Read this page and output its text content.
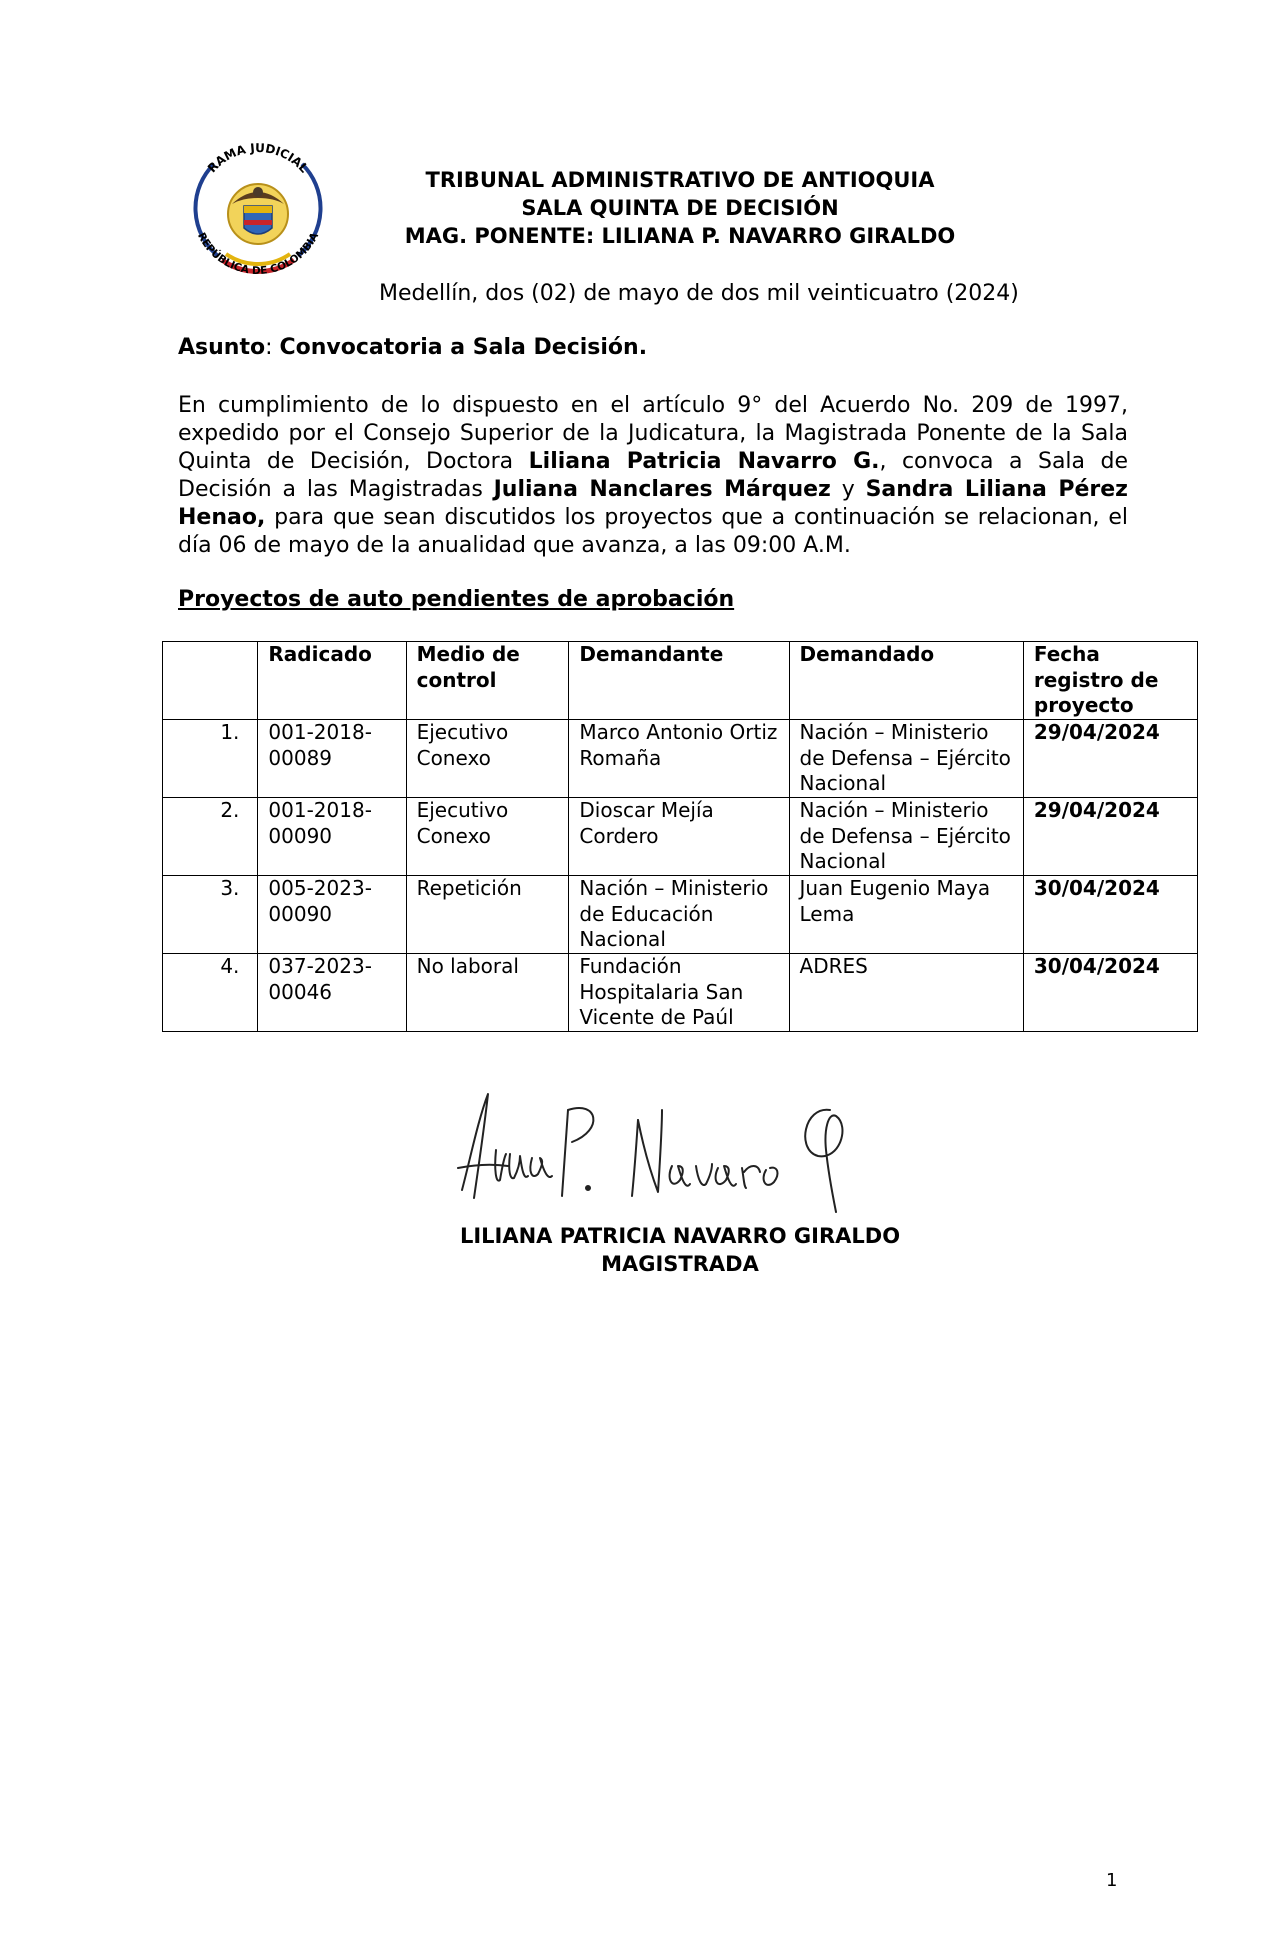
RAMA JUDICIAL
REPÚBLICA DE COLOMBIA
TRIBUNAL ADMINISTRATIVO DE ANTIOQUIA
SALA QUINTA DE DECISIÓN
MAG. PONENTE: LILIANA P. NAVARRO GIRALDO
Medellín, dos (02) de mayo de dos mil veinticuatro (2024)
Asunto: Convocatoria a Sala Decisión.
En cumplimiento de lo dispuesto en el artículo 9° del Acuerdo No. 209 de 1997, expedido por el Consejo Superior de la Judicatura, la Magistrada Ponente de la Sala Quinta de Decisión, Doctora Liliana Patricia Navarro G., convoca a Sala de Decisión a las Magistradas Juliana Nanclares Márquez y Sandra Liliana Pérez Henao, para que sean discutidos los proyectos que a continuación se relacionan, el día 06 de mayo de la anualidad que avanza, a las 09:00 A.M.
Proyectos de auto pendientes de aprobación
	Radicado	Medio de control	Demandante	Demandado	Fecha registro de proyecto
1.	001-2018-00089	Ejecutivo Conexo	Marco Antonio Ortiz Romaña	Nación – Ministerio de Defensa – Ejército Nacional	29/04/2024
2.	001-2018-00090	Ejecutivo Conexo	Dioscar Mejía Cordero	Nación – Ministerio de Defensa – Ejército Nacional	29/04/2024
3.	005-2023-00090	Repetición	Nación – Ministerio de Educación Nacional	Juan Eugenio Maya Lema	30/04/2024
4.	037-2023-00046	No laboral	Fundación Hospitalaria San Vicente de Paúl	ADRES	30/04/2024
LILIANA PATRICIA NAVARRO GIRALDO
MAGISTRADA
1
